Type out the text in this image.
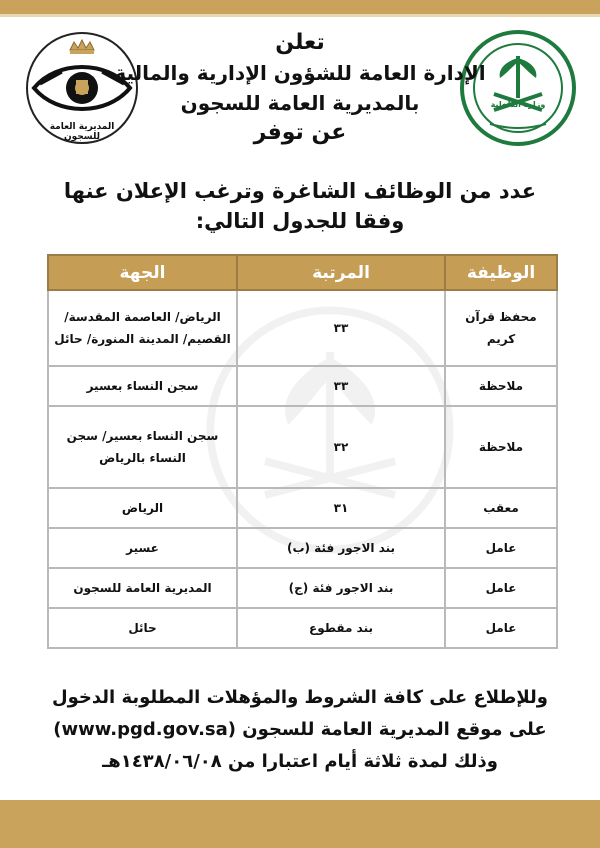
المديرية العامة للسجون
وزارة الداخلية
تعلن
الإدارة العامة للشؤون الإدارية والمالية
بالمديرية العامة للسجون
عن توفر
عدد من الوظائف الشاغرة وترغب الإعلان عنها
وفقا للجدول التالي:
الوظيفة	المرتبة	الجهة
محفظ قرآن كريم	٣٣	الرياض/ العاصمة المقدسة/ القصيم/ المدينة المنورة/ حائل
ملاحظة	٣٣	سجن النساء بعسير
ملاحظة	٣٢	سجن النساء بعسير/ سجن النساء بالرياض
معقب	٣١	الرياض
عامل	بند الاجور فئة (ب)	عسير
عامل	بند الاجور فئة (ج)	المديرية العامة للسجون
عامل	بند مقطوع	حائل
وللإطلاع على كافة الشروط والمؤهلات المطلوبة الدخول
على موقع المديرية العامة للسجون (www.pgd.gov.sa)
وذلك لمدة ثلاثة أيام اعتبارا من ١٤٣٨/٠٦/٠٨هـ
